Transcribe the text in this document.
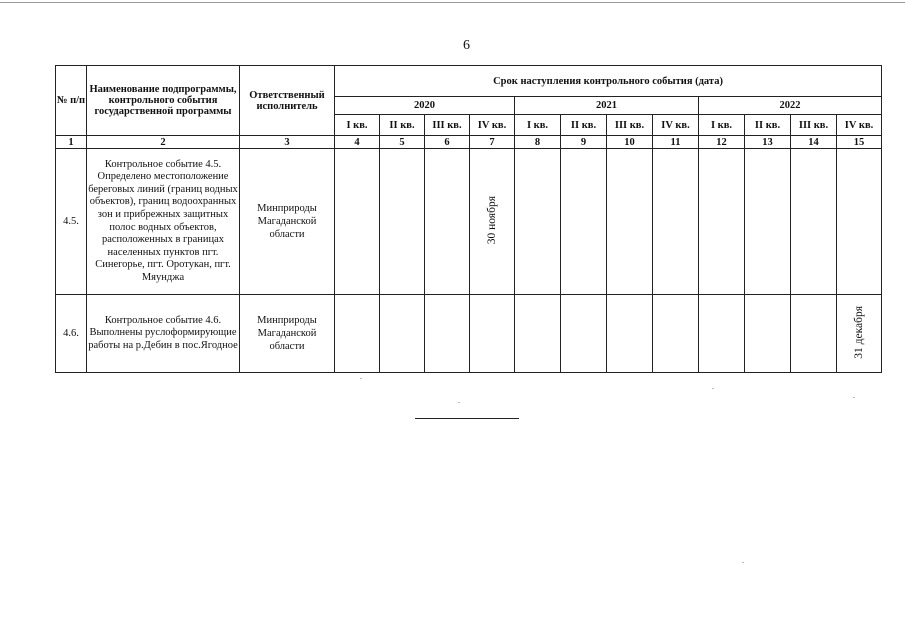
6
№ п/п	Наименование подпрограммы, контрольного события государственной программы	Ответственный исполнитель	Срок наступления контрольного события (дата)											
			2020				2021				2022			
			I кв.	II кв.	III кв.	IV кв.	I кв.	II кв.	III кв.	IV кв.	I кв.	II кв.	III кв.	IV кв.
1	2	3	4	5	6	7	8	9	10	11	12	13	14	15
4.5.	Контрольное событие 4.5. Определено местоположение береговых линий (границ водных объектов), границ водоохранных зон и прибрежных защитных полос водных объектов, расположенных в границах населенных пунктов пгт. Синегорье, пгт. Оротукан, пгт. Мяунджа	Минприроды Магаданской области				30 ноября								
4.6.	Контрольное событие 4.6. Выполнены руслоформирующие работы на р.Дебин в пос.Ягодное	Минприроды Магаданской области												31 декабря
